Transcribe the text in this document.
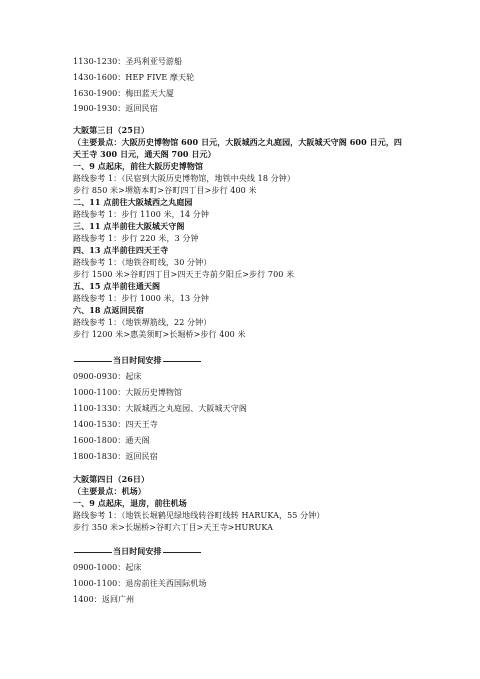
1130-1230：圣玛利亚号游船
1430-1600：HEP FIVE 摩天轮
1630-1900：梅田蓝天大厦
1900-1930：返回民宿
大阪第三日（25日）
（主要景点：大阪历史博物馆 600 日元，大阪城西之丸庭园，大阪城天守阁 600 日元，四
天王寺 300 日元，通天阁 700 日元）
一、9 点起床，前往大阪历史博物馆
路线参考 1：（民宿到大阪历史博物馆，地铁中央线 18 分钟）
步行 850 米>堺筋本町>谷町四丁目>步行 400 米
二、11 点前往大阪城西之丸庭园
路线参考 1：步行 1100 米，14 分钟
三、11 点半前往大阪城天守阁
路线参考 1：步行 220 米，3 分钟
四、13 点半前往四天王寺
路线参考 1：（地铁谷町线，30 分钟）
步行 1500 米>谷町四丁目>四天王寺前夕阳丘>步行 700 米
五、15 点半前往通天阁
路线参考 1：步行 1000 米，13 分钟
六、18 点返回民宿
路线参考 1：（地铁堺筋线，22 分钟）
步行 1200 米>惠美须町>长堀桥>步行 400 米
当日时间安排
0900-0930：起床
1000-1100：大阪历史博物馆
1100-1330：大阪城西之丸庭园、大阪城天守阁
1400-1530：四天王寺
1600-1800：通天阁
1800-1830：返回民宿
大阪第四日（26日）
（主要景点：机场）
一、9 点起床，退房，前往机场
路线参考 1：（地铁长堀鹤见绿地线转谷町线转 HARUKA，55 分钟）
步行 350 米>长堀桥>谷町六丁目>天王寺>HURUKA
当日时间安排
0900-1000：起床
1000-1100：退房前往关西国际机场
1400：返回广州
